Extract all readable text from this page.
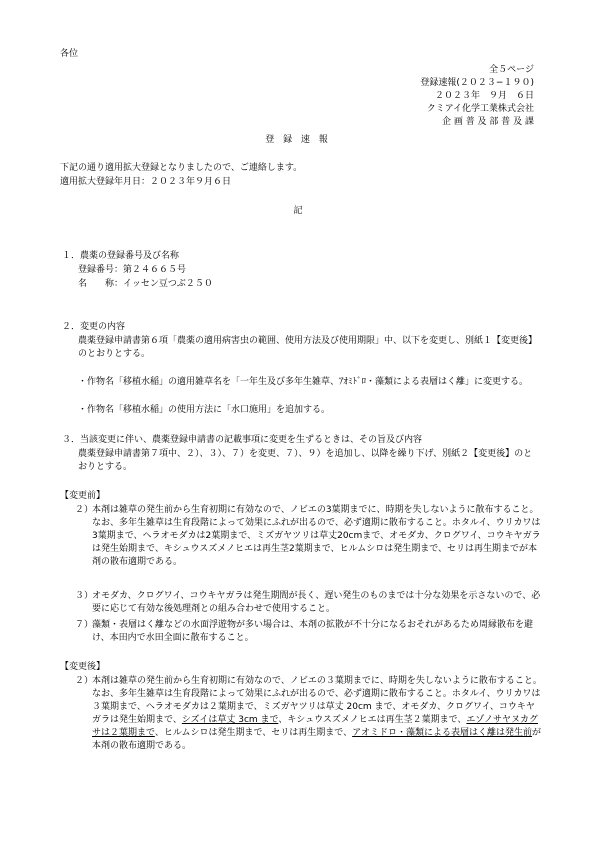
各位
全５ページ
登録速報(２０２３−１９０)
２０２３年　９月　６日
クミアイ化学工業株式会社
企 画 普 及 部 普 及 課
登 録 速 報
下記の通り適用拡大登録となりましたので、ご連絡します。
適用拡大登録年月日：２０２３年９月６日
記
１．農薬の登録番号及び名称
登録番号：第２４６６５号
名　　称：イッセン豆つぶ２５０
２．変更の内容
農薬登録申請書第６項「農薬の適用病害虫の範囲、使用方法及び使用期限」中、以下を変更し、別紙１【変更後】のとおりとする。
・作物名「移植水稲」の適用雑草名を「一年生及び多年生雑草、ｱｵﾐﾄﾞﾛ・藻類による表層はく離」に変更する。
・作物名「移植水稲」の使用方法に「水口施用」を追加する。
３．当該変更に伴い、農薬登録申請書の記載事項に変更を生ずるときは、その旨及び内容
農薬登録申請書第７項中、２）、３）、７）を変更、７）、９）を追加し、以降を繰り下げ、別紙２【変更後】のとおりとする。
【変更前】
２）
本剤は雑草の発生前から生育初期に有効なので、ノビエの3葉期までに、時期を失しないように散布すること。なお、多年生雑草は生育段階によって効果にふれが出るので、必ず適期に散布すること。ホタルイ、ウリカワは3葉期まで、ヘラオモダカは2葉期まで、ミズガヤツリは草丈20cmまで、オモダカ、クログワイ、コウキヤガラは発生始期まで、キシュウスズメノヒエは再生茎2葉期まで、ヒルムシロは発生期まで、セリは再生期までが本剤の散布適期である。
３）
オモダカ、クログワイ、コウキヤガラは発生期間が長く、遅い発生のものまでは十分な効果を示さないので、必要に応じて有効な後処理剤との組み合わせで使用すること。
７）
藻類・表層はく離などの水面浮遊物が多い場合は、本剤の拡散が不十分になるおそれがあるため周縁散布を避け、本田内で水田全面に散布すること。
【変更後】
２）
本剤は雑草の発生前から生育初期に有効なので、ノビエの３葉期までに、時期を失しないように散布すること。なお、多年生雑草は生育段階によって効果にふれが出るので、必ず適期に散布すること。ホタルイ、ウリカワは３葉期まで、ヘラオモダカは２葉期まで、ミズガヤツリは草丈 20cm まで、オモダカ、クログワイ、コウキヤガラは発生始期まで、シズイは草丈 3cm まで、キシュウスズメノヒエは再生茎２葉期まで、エゾノサヤヌカグサは２葉期まで、ヒルムシロは発生期まで、セリは再生期まで、アオミドロ・藻類による表層はく離は発生前が本剤の散布適期である。
